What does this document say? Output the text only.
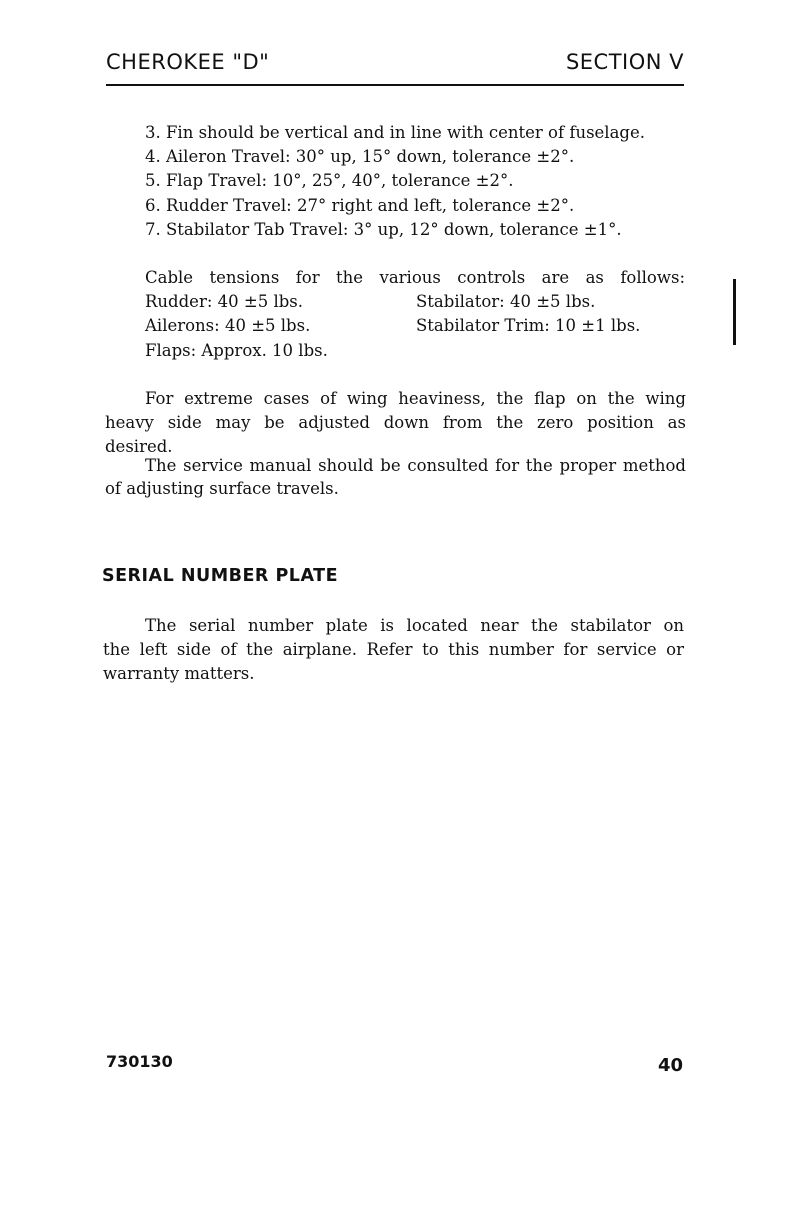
CHEROKEE "D"	SECTION V
3. Fin should be vertical and in line with center of fuselage.
4. Aileron Travel: 30° up, 15° down, tolerance ±2°.
5. Flap Travel: 10°, 25°, 40°, tolerance ±2°.
6. Rudder Travel: 27° right and left, tolerance ±2°.
7. Stabilator Tab Travel: 3° up, 12° down, tolerance ±1°.
Cable tensions for the various controls are as follows:
Rudder: 40 ±5 lbs.	Stabilator: 40 ±5 lbs.
Ailerons: 40 ±5 lbs.	Stabilator Trim: 10 ±1 lbs.
Flaps: Approx. 10 lbs.
For extreme cases of wing heaviness, the flap on the wing
heavy side may be adjusted down from the zero position as
desired.
The service manual should be consulted for the proper method
of adjusting surface travels.
SERIAL NUMBER PLATE
The serial number plate is located near the stabilator on
the left side of the airplane. Refer to this number for service or
warranty matters.
730130	40
